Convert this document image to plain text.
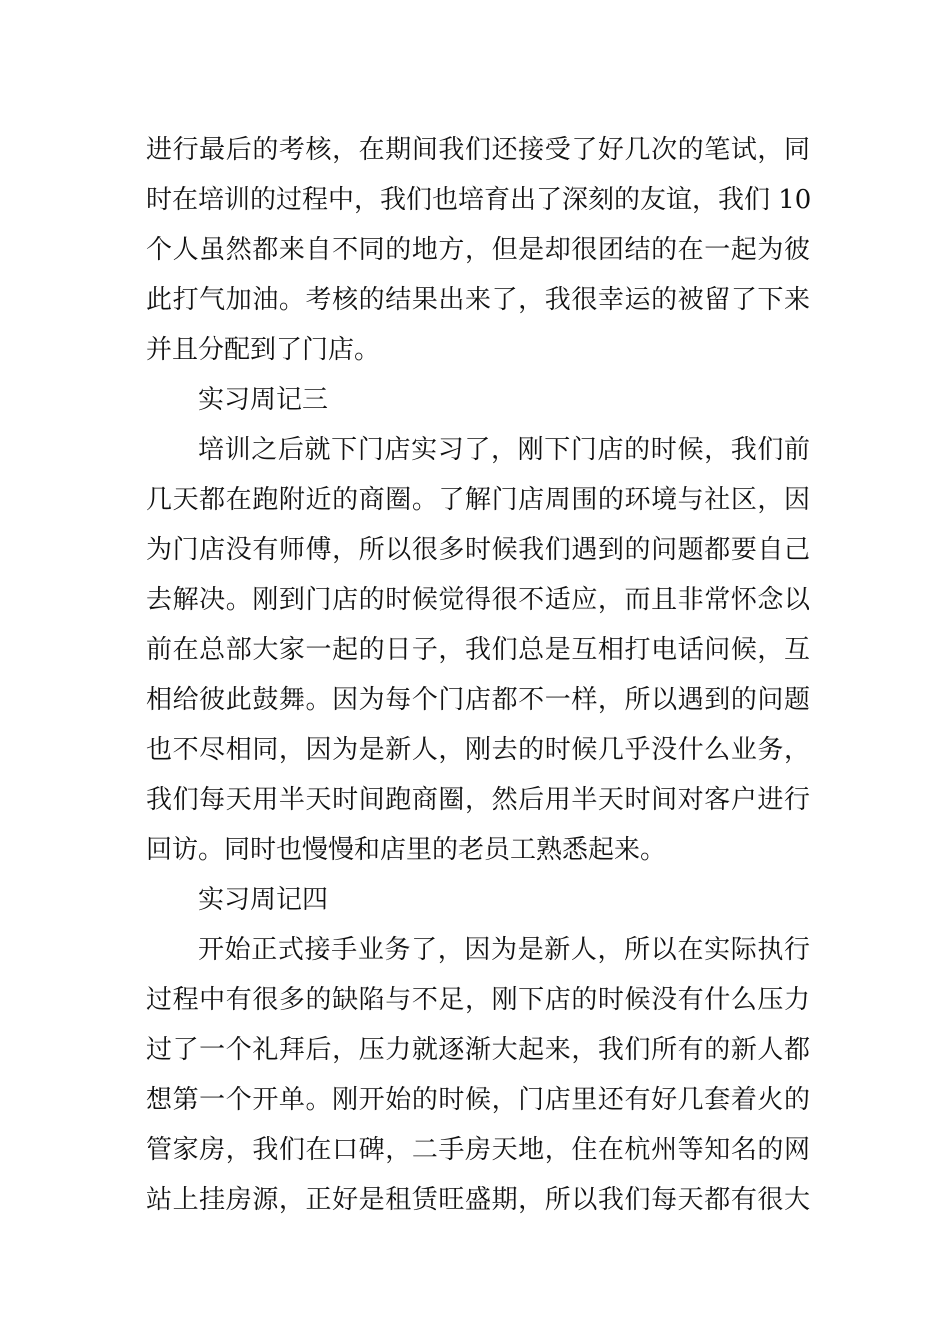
进行最后的考核，在期间我们还接受了好几次的笔试，同
时在培训的过程中，我们也培育出了深刻的友谊，我们 10
个人虽然都来自不同的地方，但是却很团结的在一起为彼
此打气加油。考核的结果出来了，我很幸运的被留了下来
并且分配到了门店。
实习周记三
培训之后就下门店实习了，刚下门店的时候，我们前
几天都在跑附近的商圈。了解门店周围的环境与社区，因
为门店没有师傅，所以很多时候我们遇到的问题都要自己
去解决。刚到门店的时候觉得很不适应，而且非常怀念以
前在总部大家一起的日子，我们总是互相打电话问候，互
相给彼此鼓舞。因为每个门店都不一样，所以遇到的问题
也不尽相同，因为是新人，刚去的时候几乎没什么业务，
我们每天用半天时间跑商圈，然后用半天时间对客户进行
回访。同时也慢慢和店里的老员工熟悉起来。
实习周记四
开始正式接手业务了，因为是新人，所以在实际执行
过程中有很多的缺陷与不足，刚下店的时候没有什么压力
过了一个礼拜后，压力就逐渐大起来，我们所有的新人都
想第一个开单。刚开始的时候，门店里还有好几套着火的
管家房，我们在口碑，二手房天地，住在杭州等知名的网
站上挂房源，正好是租赁旺盛期，所以我们每天都有很大
